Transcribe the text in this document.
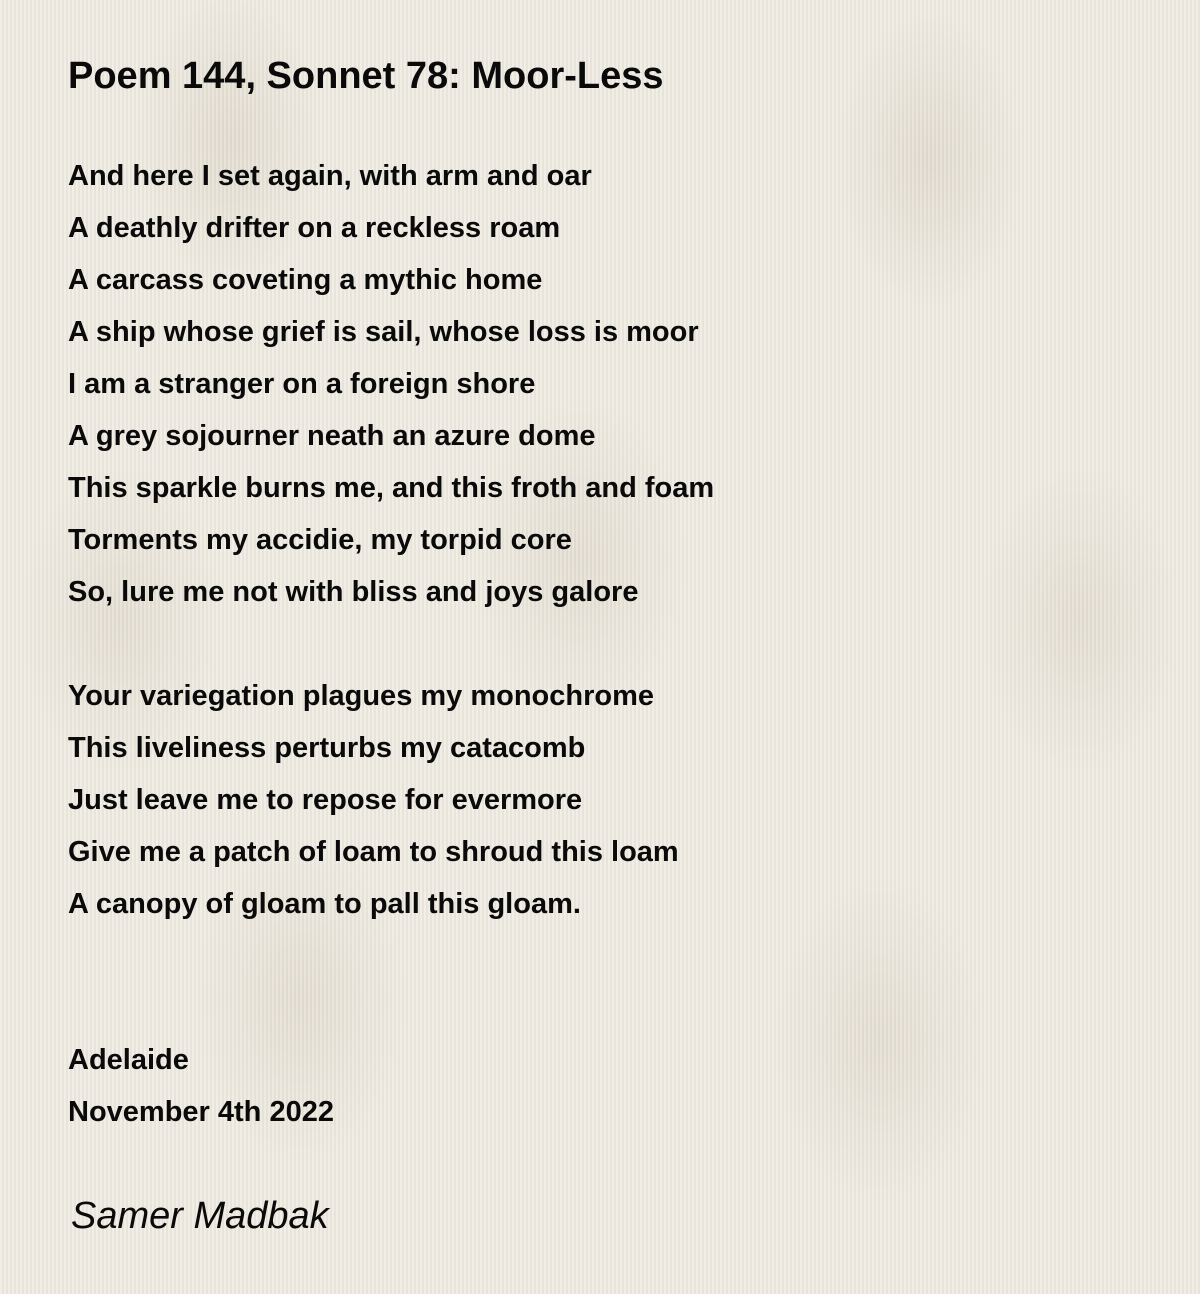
Poem 144, Sonnet 78: Moor-Less
And here I set again, with arm and oar
A deathly drifter on a reckless roam
A carcass coveting a mythic home
A ship whose grief is sail, whose loss is moor
I am a stranger on a foreign shore
A grey sojourner neath an azure dome
This sparkle burns me, and this froth and foam
Torments my accidie, my torpid core
So, lure me not with bliss and joys galore
Your variegation plagues my monochrome
This liveliness perturbs my catacomb
Just leave me to repose for evermore
Give me a patch of loam to shroud this loam
A canopy of gloam to pall this gloam.
Adelaide
November 4th 2022
Samer Madbak
